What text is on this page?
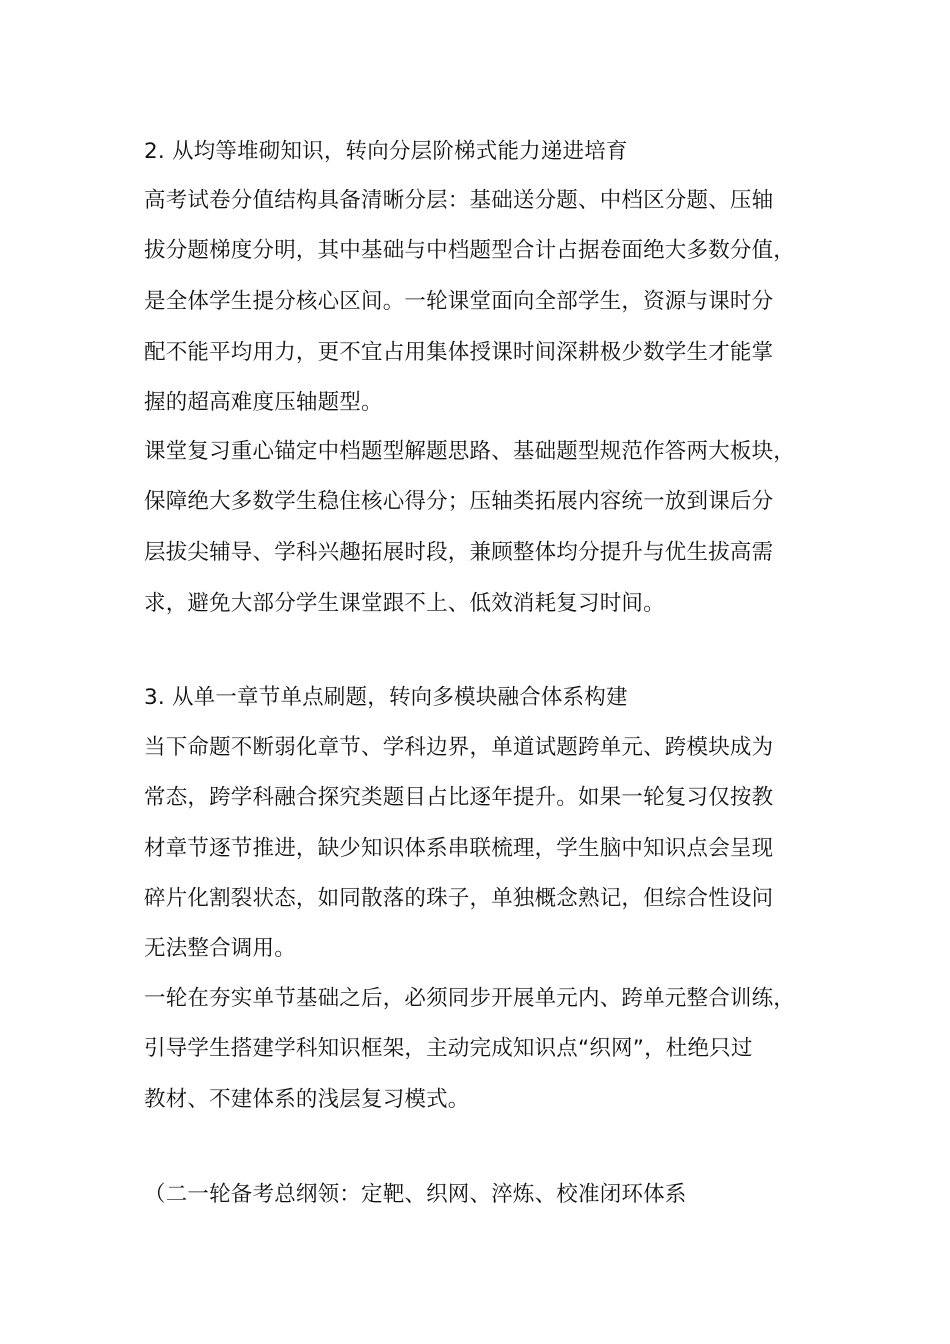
2. 从均等堆砌知识，转向分层阶梯式能力递进培育
高考试卷分值结构具备清晰分层：基础送分题、中档区分题、压轴
拔分题梯度分明，其中基础与中档题型合计占据卷面绝大多数分值，
是全体学生提分核心区间。一轮课堂面向全部学生，资源与课时分
配不能平均用力，更不宜占用集体授课时间深耕极少数学生才能掌
握的超高难度压轴题型。
课堂复习重心锚定中档题型解题思路、基础题型规范作答两大板块，
保障绝大多数学生稳住核心得分；压轴类拓展内容统一放到课后分
层拔尖辅导、学科兴趣拓展时段，兼顾整体均分提升与优生拔高需
求，避免大部分学生课堂跟不上、低效消耗复习时间。
3. 从单一章节单点刷题，转向多模块融合体系构建
当下命题不断弱化章节、学科边界，单道试题跨单元、跨模块成为
常态，跨学科融合探究类题目占比逐年提升。如果一轮复习仅按教
材章节逐节推进，缺少知识体系串联梳理，学生脑中知识点会呈现
碎片化割裂状态，如同散落的珠子，单独概念熟记，但综合性设问
无法整合调用。
一轮在夯实单节基础之后，必须同步开展单元内、跨单元整合训练，
引导学生搭建学科知识框架，主动完成知识点“织网”，杜绝只过
教材、不建体系的浅层复习模式。
（二一轮备考总纲领：定靶、织网、淬炼、校准闭环体系
